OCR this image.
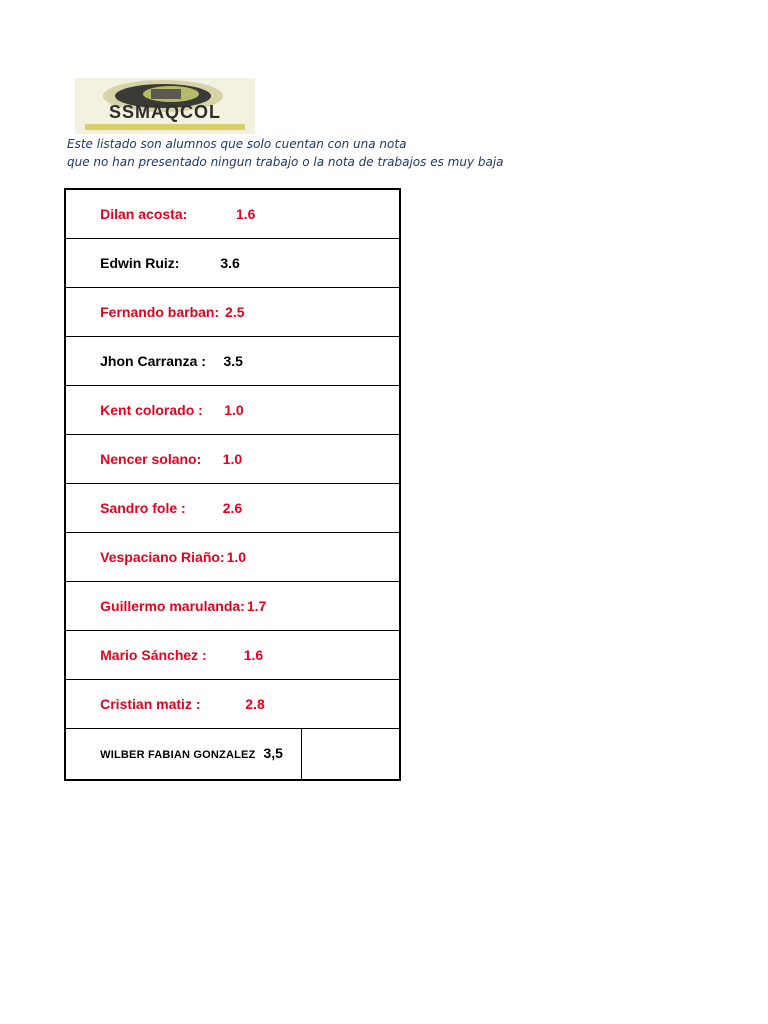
SSMAQCOL
Este listado son alumnos que solo cuentan con una nota
que no han presentado ningun trabajo o la nota de trabajos es muy baja

Dilan acosta:            1.6

Edwin Ruiz:          3.6

Fernando barban: 2.5

Jhon Carranza :    3.5

Kent colorado :     1.0

Nencer solano:     1.0

Sandro fole :         2.6

Vespaciano Riaño: 1.0

Guillermo marulanda: 1.7

Mario Sánchez :         1.6

Cristian matiz :           2.8

WILBER FABIAN GONZALEZ 3,5
